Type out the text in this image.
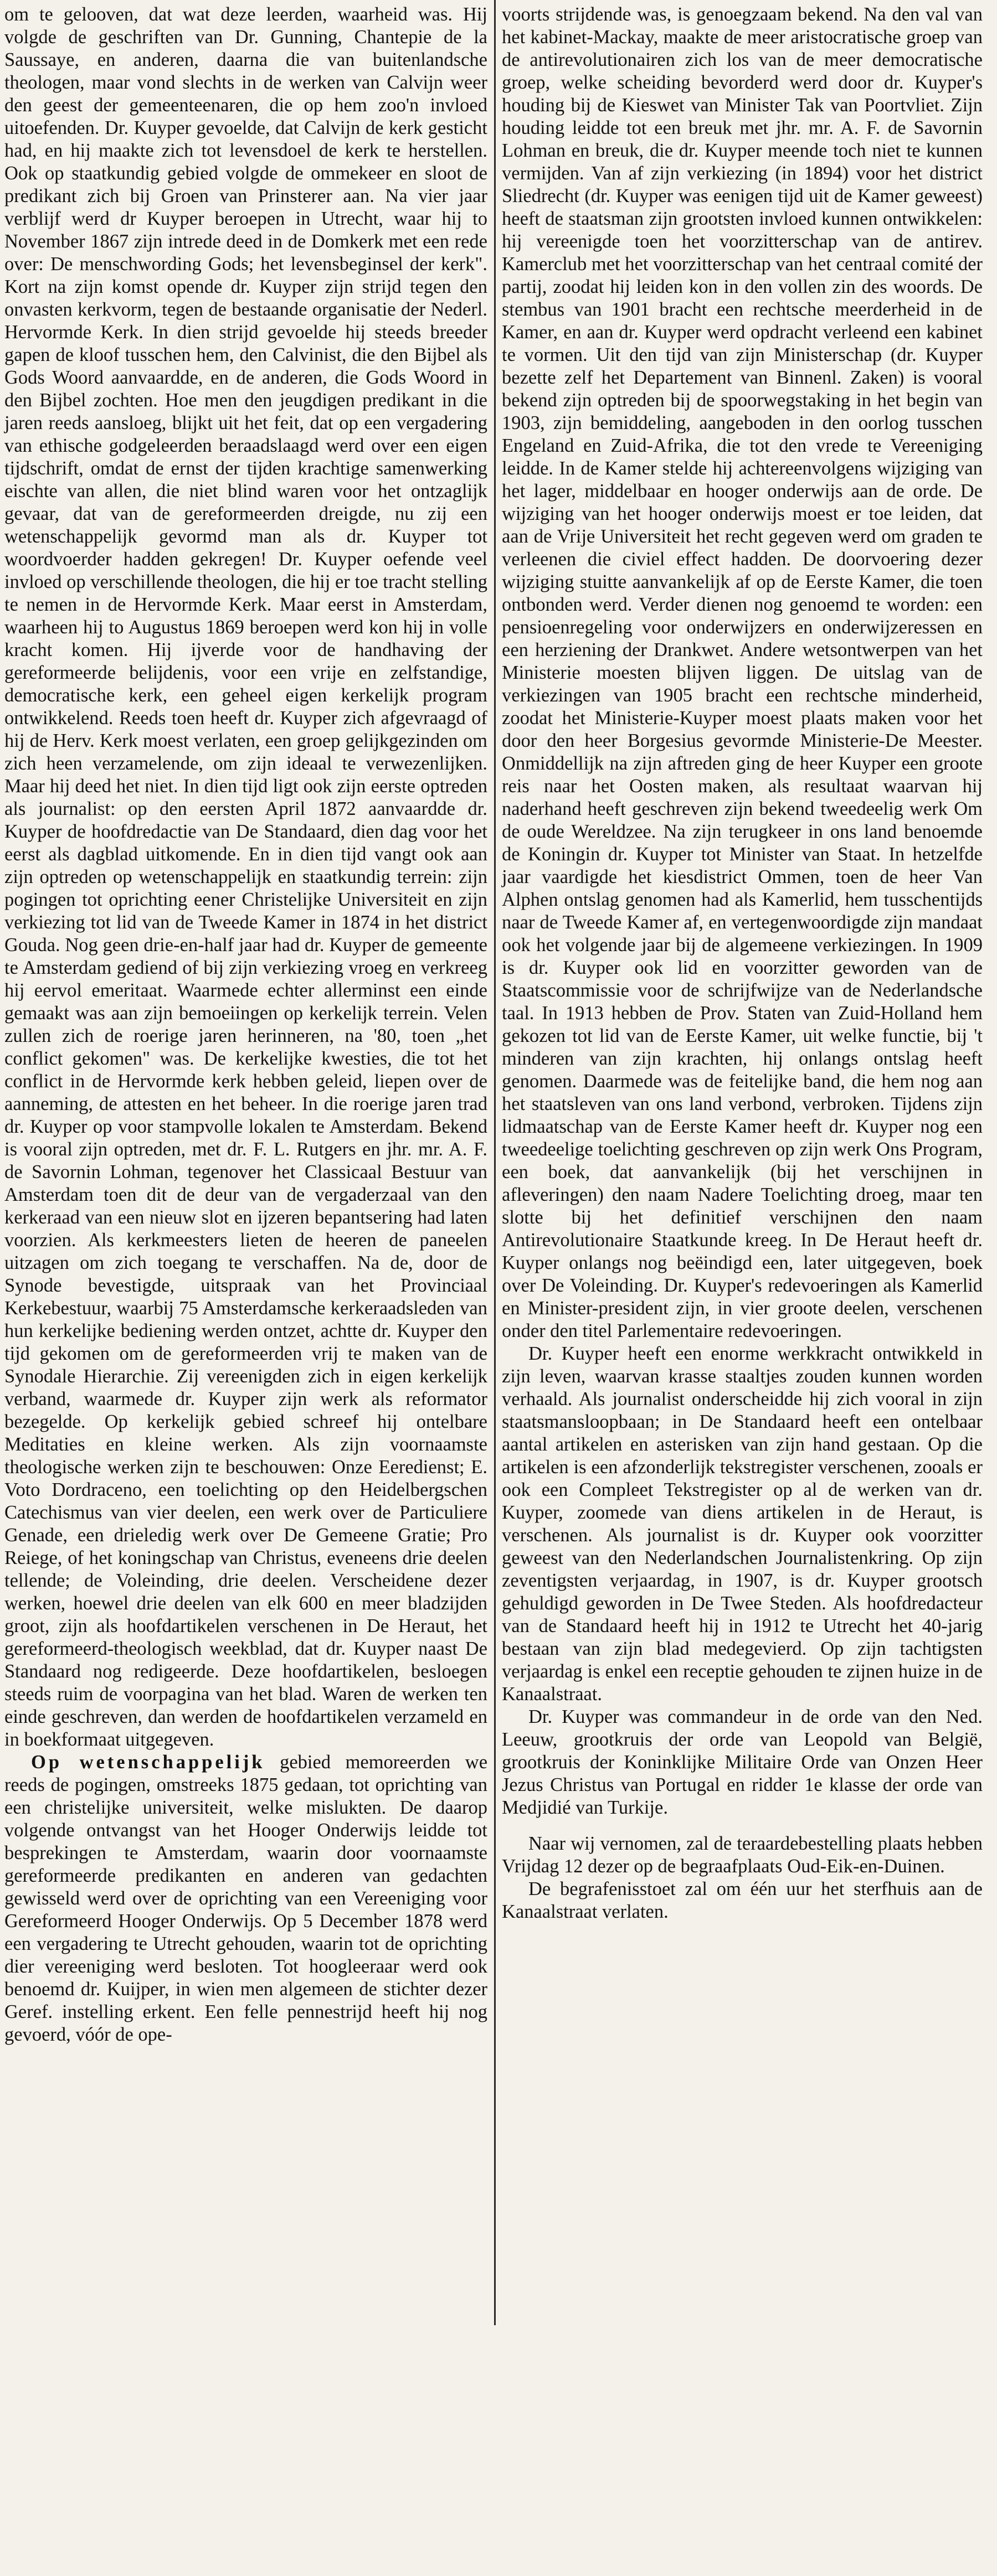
om te gelooven, dat wat deze leerden, waarheid was. Hij volgde de geschriften van Dr. Gunning, Chantepie de la Saussaye, en anderen, daarna die van buitenlandsche theologen, maar vond slechts in de werken van Calvijn weer den geest der gemeenteenaren, die op hem zoo'n invloed uitoefenden. Dr. Kuyper gevoelde, dat Calvijn de kerk gesticht had, en hij maakte zich tot levensdoel de kerk te herstellen. Ook op staatkundig gebied volgde de ommekeer en sloot de predikant zich bij Groen van Prinsterer aan. Na vier jaar verblijf werd dr Kuyper beroepen in Utrecht, waar hij to November 1867 zijn intrede deed in de Domkerk met een rede over: De menschwording Gods; het levensbeginsel der kerk". Kort na zijn komst opende dr. Kuyper zijn strijd tegen den onvasten kerkvorm, tegen de bestaande organisatie der Nederl. Hervormde Kerk. In dien strijd gevoelde hij steeds breeder gapen de kloof tusschen hem, den Calvinist, die den Bijbel als Gods Woord aanvaardde, en de anderen, die Gods Woord in den Bijbel zochten. Hoe men den jeugdigen predikant in die jaren reeds aansloeg, blijkt uit het feit, dat op een vergadering van ethische godgeleerden beraadslaagd werd over een eigen tijdschrift, omdat de ernst der tijden krachtige samenwerking eischte van allen, die niet blind waren voor het ontzaglijk gevaar, dat van de gereformeerden dreigde, nu zij een wetenschappelijk gevormd man als dr. Kuyper tot woordvoerder hadden gekregen! Dr. Kuyper oefende veel invloed op verschillende theologen, die hij er toe tracht stelling te nemen in de Hervormde Kerk. Maar eerst in Amsterdam, waarheen hij to Augustus 1869 beroepen werd kon hij in volle kracht komen. Hij ijverde voor de handhaving der gereformeerde belijdenis, voor een vrije en zelfstandige, democratische kerk, een geheel eigen kerkelijk program ontwikkelend. Reeds toen heeft dr. Kuyper zich afgevraagd of hij de Herv. Kerk moest verlaten, een groep gelijkgezinden om zich heen verzamelende, om zijn ideaal te verwezenlijken. Maar hij deed het niet. In dien tijd ligt ook zijn eerste optreden als journalist: op den eersten April 1872 aanvaardde dr. Kuyper de hoofdredactie van De Standaard, dien dag voor het eerst als dagblad uitkomende. En in dien tijd vangt ook aan zijn optreden op wetenschappelijk en staatkundig terrein: zijn pogingen tot oprichting eener Christelijke Universiteit en zijn verkiezing tot lid van de Tweede Kamer in 1874 in het district Gouda. Nog geen drie-en-half jaar had dr. Kuyper de gemeente te Amsterdam gediend of bij zijn verkiezing vroeg en verkreeg hij eervol emeritaat. Waarmede echter allerminst een einde gemaakt was aan zijn bemoeiingen op kerkelijk terrein. Velen zullen zich de roerige jaren herinneren, na '80, toen „het conflict gekomen" was. De kerkelijke kwesties, die tot het conflict in de Hervormde kerk hebben geleid, liepen over de aanneming, de attesten en het beheer. In die roerige jaren trad dr. Kuyper op voor stampvolle lokalen te Amsterdam. Bekend is vooral zijn optreden, met dr. F. L. Rutgers en jhr. mr. A. F. de Savornin Lohman, tegenover het Classicaal Bestuur van Amsterdam toen dit de deur van de vergaderzaal van den kerkeraad van een nieuw slot en ijzeren bepantsering had laten voorzien. Als kerkmeesters lieten de heeren de paneelen uitzagen om zich toegang te verschaffen. Na de, door de Synode bevestigde, uitspraak van het Provinciaal Kerkebestuur, waarbij 75 Amsterdamsche kerkeraadsleden van hun kerkelijke bediening werden ontzet, achtte dr. Kuyper den tijd gekomen om de gereformeerden vrij te maken van de Synodale Hierarchie. Zij vereenigden zich in eigen kerkelijk verband, waarmede dr. Kuyper zijn werk als reformator bezegelde. Op kerkelijk gebied schreef hij ontelbare Meditaties en kleine werken. Als zijn voornaamste theologische werken zijn te beschouwen: Onze Eeredienst; E. Voto Dordraceno, een toelichting op den Heidelbergschen Catechismus van vier deelen, een werk over de Particuliere Genade, een drieledig werk over De Gemeene Gratie; Pro Reiege, of het koningschap van Christus, eveneens drie deelen tellende; de Voleinding, drie deelen. Verscheidene dezer werken, hoewel drie deelen van elk 600 en meer bladzijden groot, zijn als hoofdartikelen verschenen in De Heraut, het gereformeerd-theologisch weekblad, dat dr. Kuyper naast De Standaard nog redigeerde. Deze hoofdartikelen, besloegen steeds ruim de voorpagina van het blad. Waren de werken ten einde geschreven, dan werden de hoofdartikelen verzameld en in boekformaat uitgegeven.

Op wetenschappelijk gebied memoreerden we reeds de pogingen, omstreeks 1875 gedaan, tot oprichting van een christelijke universiteit, welke mislukten. De daarop volgende ontvangst van het Hooger Onderwijs leidde tot besprekingen te Amsterdam, waarin door voornaamste gereformeerde predikanten en anderen van gedachten gewisseld werd over de oprichting van een Vereeniging voor Gereformeerd Hooger Onderwijs. Op 5 December 1878 werd een vergadering te Utrecht gehouden, waarin tot de oprichting dier vereeniging werd besloten. Tot hoogleeraar werd ook benoemd dr. Kuijper, in wien men algemeen de stichter dezer Geref. instelling erkent. Een felle pennestrijd heeft hij nog gevoerd, vóór de ope-

voorts strijdende was, is genoegzaam bekend. Na den val van het kabinet-Mackay, maakte de meer aristocratische groep van de antirevolutionairen zich los van de meer democratische groep, welke scheiding bevorderd werd door dr. Kuyper's houding bij de Kieswet van Minister Tak van Poortvliet. Zijn houding leidde tot een breuk met jhr. mr. A. F. de Savornin Lohman en breuk, die dr. Kuyper meende toch niet te kunnen vermijden. Van af zijn verkiezing (in 1894) voor het district Sliedrecht (dr. Kuyper was eenigen tijd uit de Kamer geweest) heeft de staatsman zijn grootsten invloed kunnen ontwikkelen: hij vereenigde toen het voorzitterschap van de antirev. Kamerclub met het voorzitterschap van het centraal comité der partij, zoodat hij leiden kon in den vollen zin des woords. De stembus van 1901 bracht een rechtsche meerderheid in de Kamer, en aan dr. Kuyper werd opdracht verleend een kabinet te vormen. Uit den tijd van zijn Ministerschap (dr. Kuyper bezette zelf het Departement van Binnenl. Zaken) is vooral bekend zijn optreden bij de spoorwegstaking in het begin van 1903, zijn bemiddeling, aangeboden in den oorlog tusschen Engeland en Zuid-Afrika, die tot den vrede te Vereeniging leidde. In de Kamer stelde hij achtereenvolgens wijziging van het lager, middelbaar en hooger onderwijs aan de orde. De wijziging van het hooger onderwijs moest er toe leiden, dat aan de Vrije Universiteit het recht gegeven werd om graden te verleenen die civiel effect hadden. De doorvoering dezer wijziging stuitte aanvankelijk af op de Eerste Kamer, die toen ontbonden werd. Verder dienen nog genoemd te worden: een pensioenregeling voor onderwijzers en onderwijzeressen en een herziening der Drankwet. Andere wetsontwerpen van het Ministerie moesten blijven liggen. De uitslag van de verkiezingen van 1905 bracht een rechtsche minderheid, zoodat het Ministerie-Kuyper moest plaats maken voor het door den heer Borgesius gevormde Ministerie-De Meester. Onmiddellijk na zijn aftreden ging de heer Kuyper een groote reis naar het Oosten maken, als resultaat waarvan hij naderhand heeft geschreven zijn bekend tweedeelig werk Om de oude Wereldzee. Na zijn terugkeer in ons land benoemde de Koningin dr. Kuyper tot Minister van Staat. In hetzelfde jaar vaardigde het kiesdistrict Ommen, toen de heer Van Alphen ontslag genomen had als Kamerlid, hem tusschentijds naar de Tweede Kamer af, en vertegenwoordigde zijn mandaat ook het volgende jaar bij de algemeene verkiezingen. In 1909 is dr. Kuyper ook lid en voorzitter geworden van de Staatscommissie voor de schrijfwijze van de Nederlandsche taal. In 1913 hebben de Prov. Staten van Zuid-Holland hem gekozen tot lid van de Eerste Kamer, uit welke functie, bij 't minderen van zijn krachten, hij onlangs ontslag heeft genomen. Daarmede was de feitelijke band, die hem nog aan het staatsleven van ons land verbond, verbroken. Tijdens zijn lidmaatschap van de Eerste Kamer heeft dr. Kuyper nog een tweedeelige toelichting geschreven op zijn werk Ons Program, een boek, dat aanvankelijk (bij het verschijnen in afleveringen) den naam Nadere Toelichting droeg, maar ten slotte bij het definitief verschijnen den naam Antirevolutionaire Staatkunde kreeg. In De Heraut heeft dr. Kuyper onlangs nog beëindigd een, later uitgegeven, boek over De Voleinding. Dr. Kuyper's redevoeringen als Kamerlid en Minister-president zijn, in vier groote deelen, verschenen onder den titel Parlementaire redevoeringen.

Dr. Kuyper heeft een enorme werkkracht ontwikkeld in zijn leven, waarvan krasse staaltjes zouden kunnen worden verhaald. Als journalist onderscheidde hij zich vooral in zijn staatsmansloopbaan; in De Standaard heeft een ontelbaar aantal artikelen en asterisken van zijn hand gestaan. Op die artikelen is een afzonderlijk tekstregister verschenen, zooals er ook een Compleet Tekstregister op al de werken van dr. Kuyper, zoomede van diens artikelen in de Heraut, is verschenen. Als journalist is dr. Kuyper ook voorzitter geweest van den Nederlandschen Journalistenkring. Op zijn zeventigsten verjaardag, in 1907, is dr. Kuyper grootsch gehuldigd geworden in De Twee Steden. Als hoofdredacteur van de Standaard heeft hij in 1912 te Utrecht het 40-jarig bestaan van zijn blad medegevierd. Op zijn tachtigsten verjaardag is enkel een receptie gehouden te zijnen huize in de Kanaalstraat.

Dr. Kuyper was commandeur in de orde van den Ned. Leeuw, grootkruis der orde van Leopold van België, grootkruis der Koninklijke Militaire Orde van Onzen Heer Jezus Christus van Portugal en ridder 1e klasse der orde van Medjidié van Turkije.

Naar wij vernomen, zal de teraardebestelling plaats hebben Vrijdag 12 dezer op de begraafplaats Oud-Eik-en-Duinen.

De begrafenisstoet zal om één uur het sterfhuis aan de Kanaalstraat verlaten.
